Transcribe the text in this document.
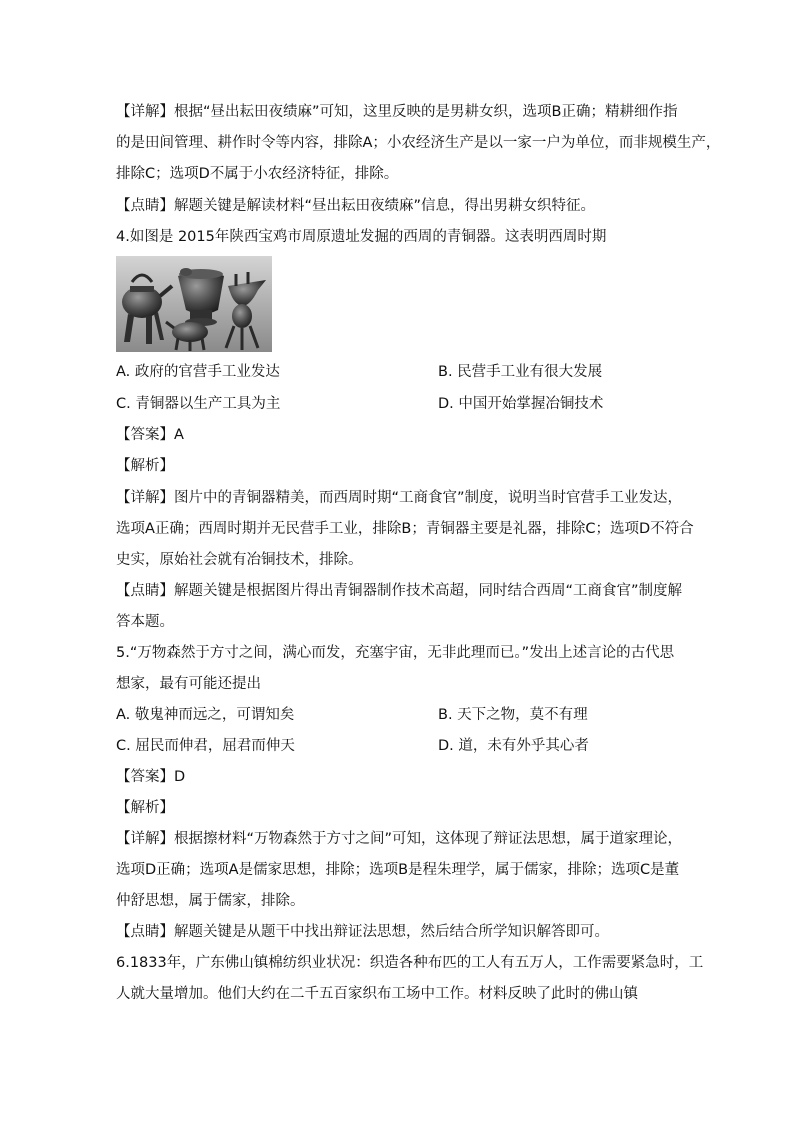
【详解】根据“昼出耘田夜绩麻”可知，这里反映的是男耕女织，选项B正确；精耕细作指
的是田间管理、耕作时令等内容，排除A；小农经济生产是以一家一户为单位，而非规模生产，
排除C；选项D不属于小农经济特征，排除。
【点睛】解题关键是解读材料“昼出耘田夜绩麻”信息，得出男耕女织特征。
4.如图是 2015年陕西宝鸡市周原遗址发掘的西周的青铜器。这表明西周时期
A. 政府的官营手工业发达	B. 民营手工业有很大发展
C. 青铜器以生产工具为主	D. 中国开始掌握冶铜技术
【答案】A
【解析】
【详解】图片中的青铜器精美，而西周时期“工商食官”制度，说明当时官营手工业发达，
选项A正确；西周时期并无民营手工业，排除B；青铜器主要是礼器，排除C；选项D不符合
史实，原始社会就有冶铜技术，排除。
【点睛】解题关键是根据图片得出青铜器制作技术高超，同时结合西周“工商食官”制度解
答本题。
5.“万物森然于方寸之间，满心而发，充塞宇宙，无非此理而已。”发出上述言论的古代思
想家，最有可能还提出
A. 敬鬼神而远之，可谓知矣	B. 天下之物，莫不有理
C. 屈民而伸君，屈君而伸天	D. 道，未有外乎其心者
【答案】D
【解析】
【详解】根据擦材料“万物森然于方寸之间”可知，这体现了辩证法思想，属于道家理论，
选项D正确；选项A是儒家思想，排除；选项B是程朱理学，属于儒家，排除；选项C是董
仲舒思想，属于儒家，排除。
【点睛】解题关键是从题干中找出辩证法思想，然后结合所学知识解答即可。
6.1833年，广东佛山镇棉纺织业状况：织造各种布匹的工人有五万人，工作需要紧急时，工
人就大量增加。他们大约在二千五百家织布工场中工作。材料反映了此时的佛山镇
